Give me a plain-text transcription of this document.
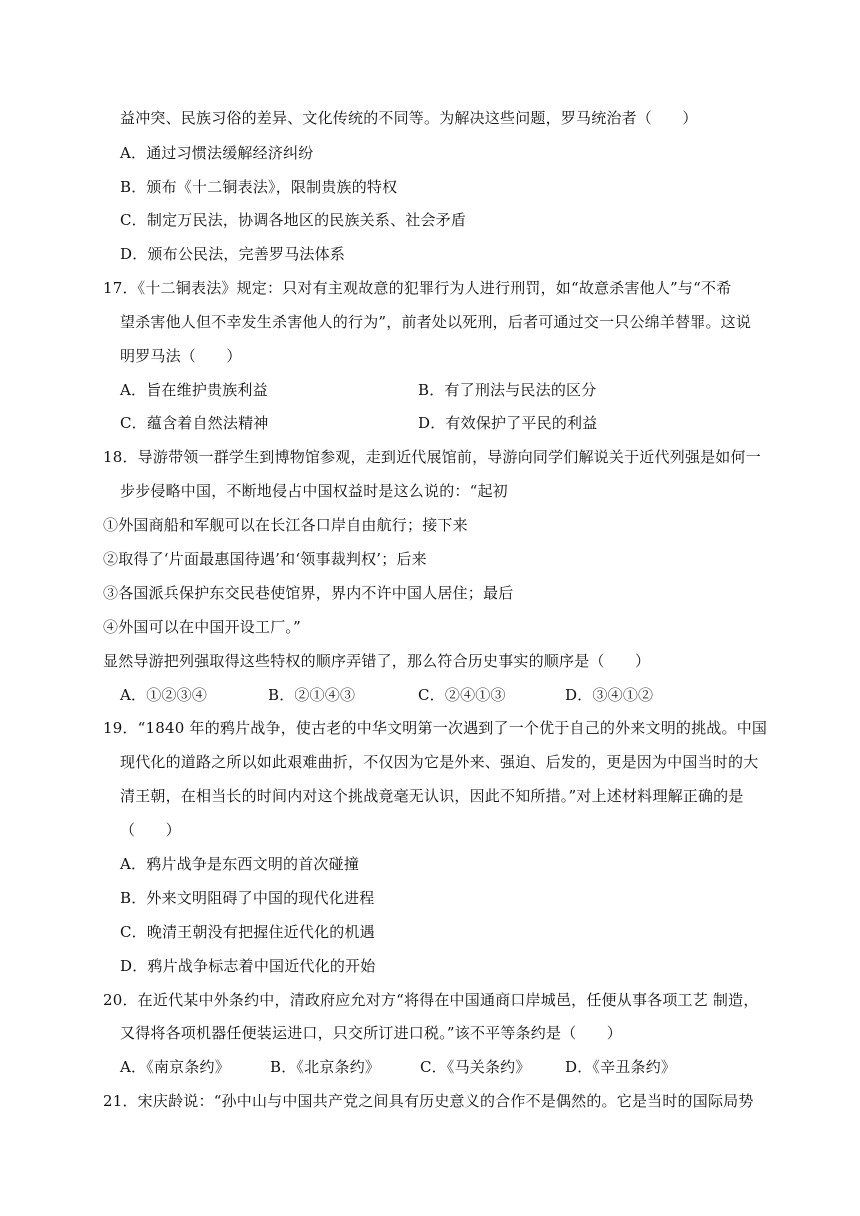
益冲突、民族习俗的差异、文化传统的不同等。为解决这些问题，罗马统治者（　　）
A．通过习惯法缓解经济纠纷
B．颁布《十二铜表法》，限制贵族的特权
C．制定万民法，协调各地区的民族关系、社会矛盾
D．颁布公民法，完善罗马法体系
17．《十二铜表法》规定：只对有主观故意的犯罪行为人进行刑罚，如“故意杀害他人”与“不希
望杀害他人但不幸发生杀害他人的行为”，前者处以死刑，后者可通过交一只公绵羊替罪。这说
明罗马法（　　）
A．旨在维护贵族利益	B．有了刑法与民法的区分
C．蕴含着自然法精神	D．有效保护了平民的利益
18．导游带领一群学生到博物馆参观，走到近代展馆前，导游向同学们解说关于近代列强是如何一
步步侵略中国，不断地侵占中国权益时是这么说的：“起初
①外国商船和军舰可以在长江各口岸自由航行；接下来
②取得了‘片面最惠国待遇’和‘领事裁判权’；后来
③各国派兵保护东交民巷使馆界，界内不许中国人居住；最后
④外国可以在中国开设工厂。”
显然导游把列强取得这些特权的顺序弄错了，那么符合历史事实的顺序是（　　）
A．①②③④	B．②①④③	C．②④①③	D．③④①②
19．“1840 年的鸦片战争，使古老的中华文明第一次遇到了一个优于自己的外来文明的挑战。中国
现代化的道路之所以如此艰难曲折，不仅因为它是外来、强迫、后发的，更是因为中国当时的大
清王朝，在相当长的时间内对这个挑战竟毫无认识，因此不知所措。”对上述材料理解正确的是
（　　）
A．鸦片战争是东西文明的首次碰撞
B．外来文明阻碍了中国的现代化进程
C．晚清王朝没有把握住近代化的机遇
D．鸦片战争标志着中国近代化的开始
20．在近代某中外条约中，清政府应允对方“将得在中国通商口岸城邑，任便从事各项工艺 制造，
又得将各项机器任便装运进口，只交所订进口税。”该不平等条约是（　　）
A．《南京条约》	B．《北京条约》	C．《马关条约》 D．《辛丑条约》
21．宋庆龄说：“孙中山与中国共产党之间具有历史意义的合作不是偶然的。它是当时的国际局势
